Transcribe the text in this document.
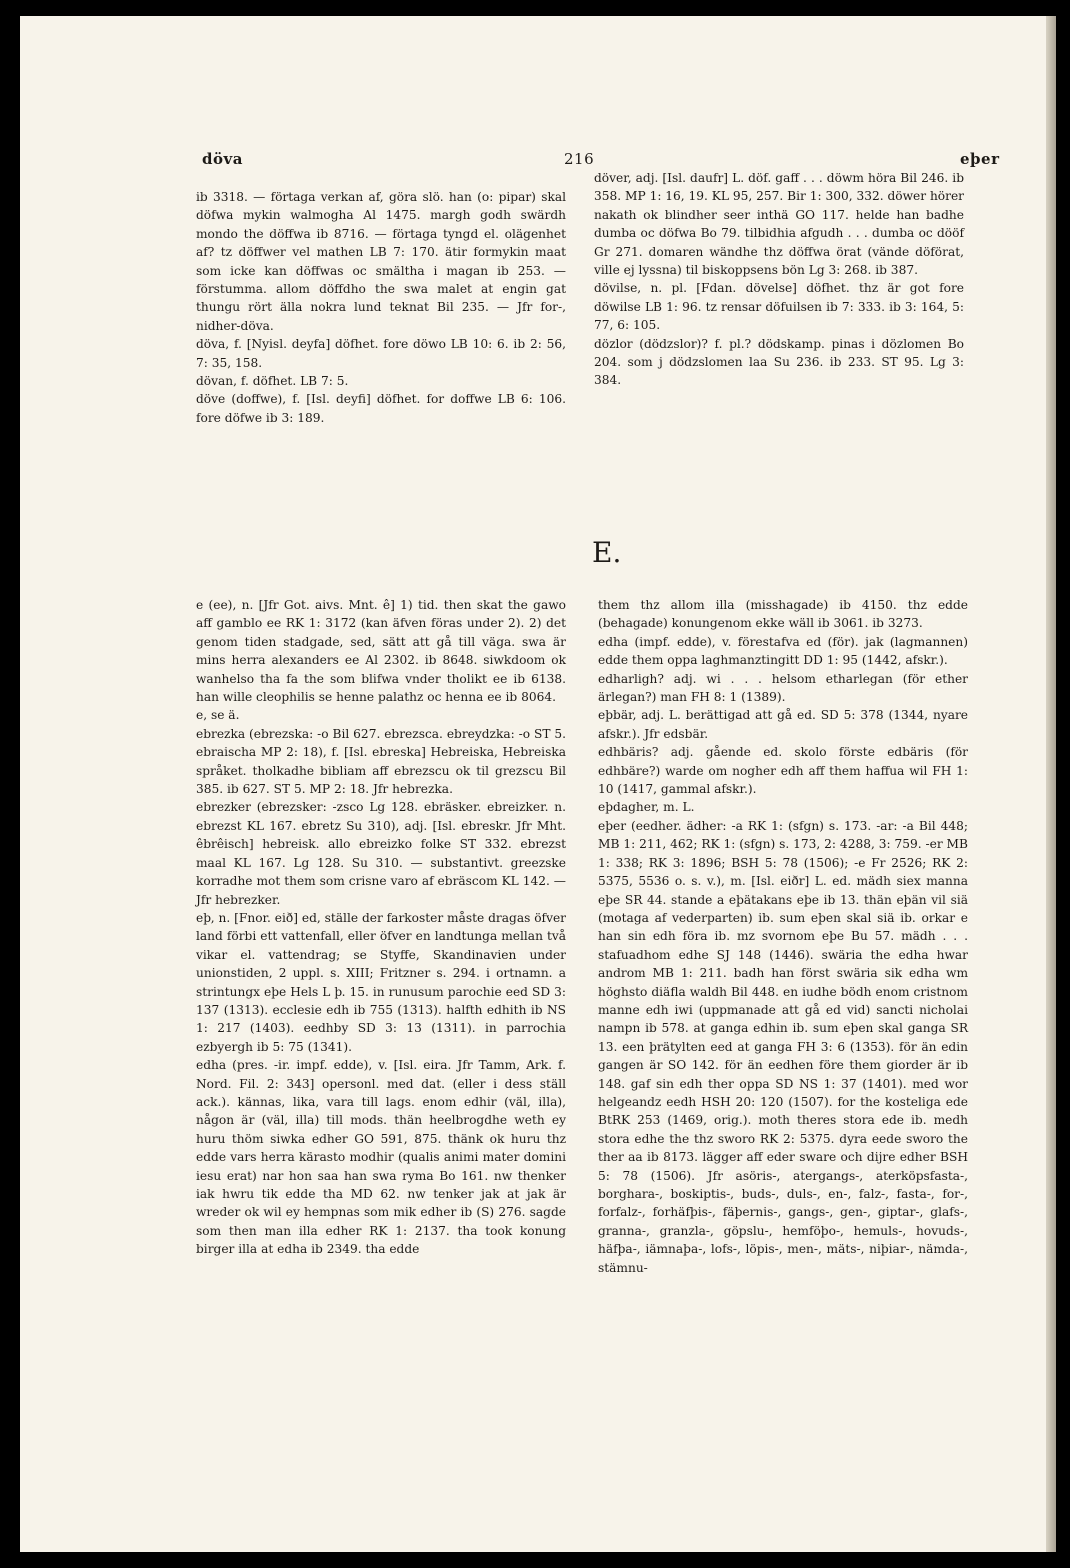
döva	216	eþer

ib 3318. — förtaga verkan af, göra slö. han (o: pipar) skal döfwa mykin walmogha Al 1475. margh godh swärdh mondo the döffwa ib 8716. — förtaga tyngd el. olägenhet af? tz döffwer vel mathen LB 7: 170. ätir formykin maat som icke kan döffwas oc smältha i magan ib 253. — förstumma. allom döffdho the swa malet at engin gat thungu rört älla nokra lund teknat Bil 235. — Jfr for-, nidher-döva.

döva, f. [Nyisl. deyfa] döfhet. fore döwo LB 10: 6. ib 2: 56, 7: 35, 158.

dövan, f. döfhet. LB 7: 5.

döve (doffwe), f. [Isl. deyfi] döfhet. for doffwe LB 6: 106. fore döfwe ib 3: 189.

döver, adj. [Isl. daufr] L. döf. gaff . . . döwm höra Bil 246. ib 358. MP 1: 16, 19. KL 95, 257. Bir 1: 300, 332. döwer hörer nakath ok blindher seer inthä GO 117. helde han badhe dumba oc döfwa Bo 79. tilbidhia afgudh . . . dumba oc dööf Gr 271. domaren wändhe thz döffwa örat (vände döförat, ville ej lyssna) til biskoppsens bön Lg 3: 268. ib 387.

dövilse, n. pl. [Fdan. dövelse] döfhet. thz är got fore döwilse LB 1: 96. tz rensar döfuilsen ib 7: 333. ib 3: 164, 5: 77, 6: 105.

dözlor (dödzslor)? f. pl.? dödskamp. pinas i dözlomen Bo 204. som j dödzslomen laa Su 236. ib 233. ST 95. Lg 3: 384.

E.

e (ee), n. [Jfr Got. aivs. Mnt. ê] 1) tid. then skat the gawo aff gamblo ee RK 1: 3172 (kan äfven föras under 2). 2) det genom tiden stadgade, sed, sätt att gå till väga. swa är mins herra alexanders ee Al 2302. ib 8648. siwkdoom ok wanhelso tha fa the som blifwa vnder tholikt ee ib 6138. han wille cleophilis se henne palathz oc henna ee ib 8064.

e, se ä.

ebrezka (ebrezska: -o Bil 627. ebrezsca. ebreydzka: -o ST 5. ebraischa MP 2: 18), f. [Isl. ebreska] Hebreiska, Hebreiska språket. tholkadhe bibliam aff ebrezscu ok til grezscu Bil 385. ib 627. ST 5. MP 2: 18. Jfr hebrezka.

ebrezker (ebrezsker: -zsco Lg 128. ebräsker. ebreizker. n. ebrezst KL 167. ebretz Su 310), adj. [Isl. ebreskr. Jfr Mht. êbrêisch] hebreisk. allo ebreizko folke ST 332. ebrezst maal KL 167. Lg 128. Su 310. — substantivt. greezske korradhe mot them som crisne varo af ebräscom KL 142. — Jfr hebrezker.

eþ, n. [Fnor. eið] ed, ställe der farkoster måste dragas öfver land förbi ett vattenfall, eller öfver en landtunga mellan två vikar el. vattendrag; se Styffe, Skandinavien under unionstiden, 2 uppl. s. XIII; Fritzner s. 294. i ortnamn. a strintungx eþe Hels L þ. 15. in runusum parochie eed SD 3: 137 (1313). ecclesie edh ib 755 (1313). halfth edhith ib NS 1: 217 (1403). eedhby SD 3: 13 (1311). in parrochia ezbyergh ib 5: 75 (1341).

edha (pres. -ir. impf. edde), v. [Isl. eira. Jfr Tamm, Ark. f. Nord. Fil. 2: 343] opersonl. med dat. (eller i dess ställ ack.). kännas, lika, vara till lags. enom edhir (väl, illa), någon är (väl, illa) till mods. thän heelbrogdhe weth ey huru thöm siwka edher GO 591, 875. thänk ok huru thz edde vars herra kärasto modhir (qualis animi mater domini iesu erat) nar hon saa han swa ryma Bo 161. nw thenker iak hwru tik edde tha MD 62. nw tenker jak at jak är wreder ok wil ey hempnas som mik edher ib (S) 276. sagde som then man illa edher RK 1: 2137. tha took konung birger illa at edha ib 2349. tha edde

them thz allom illa (misshagade) ib 4150. thz edde (behagade) konungenom ekke wäll ib 3061. ib 3273.

edha (impf. edde), v. förestafva ed (för). jak (lagmannen) edde them oppa laghmanztingitt DD 1: 95 (1442, afskr.).

edharligh? adj. wi . . . helsom etharlegan (för ether ärlegan?) man FH 8: 1 (1389).

eþbär, adj. L. berättigad att gå ed. SD 5: 378 (1344, nyare afskr.). Jfr edsbär.

edhbäris? adj. gående ed. skolo förste edbäris (för edhbäre?) warde om nogher edh aff them haffua wil FH 1: 10 (1417, gammal afskr.).

eþdagher, m. L.

eþer (eedher. ädher: -a RK 1: (sfgn) s. 173. -ar: -a Bil 448; MB 1: 211, 462; RK 1: (sfgn) s. 173, 2: 4288, 3: 759. -er MB 1: 338; RK 3: 1896; BSH 5: 78 (1506); -e Fr 2526; RK 2: 5375, 5536 o. s. v.), m. [Isl. eiðr] L. ed. mädh siex manna eþe SR 44. stande a eþätakans eþe ib 13. thän eþän vil siä (motaga af vederparten) ib. sum eþen skal siä ib. orkar e han sin edh föra ib. mz svornom eþe Bu 57. mädh . . . stafuadhom edhe SJ 148 (1446). swäria the edha hwar androm MB 1: 211. badh han först swäria sik edha wm höghsto diäfla waldh Bil 448. en iudhe bödh enom cristnom manne edh iwi (uppmanade att gå ed vid) sancti nicholai nampn ib 578. at ganga edhin ib. sum eþen skal ganga SR 13. een þrätylten eed at ganga FH 3: 6 (1353). för än edin gangen är SO 142. för än eedhen före them giorder är ib 148. gaf sin edh ther oppa SD NS 1: 37 (1401). med wor helgeandz eedh HSH 20: 120 (1507). for the kosteliga ede BtRK 253 (1469, orig.). moth theres stora ede ib. medh stora edhe the thz sworo RK 2: 5375. dyra eede sworo the ther aa ib 8173. lägger aff eder sware och dijre edher BSH 5: 78 (1506). Jfr asöris-, atergangs-, aterköpsfasta-, borghara-, boskiptis-, buds-, duls-, en-, falz-, fasta-, for-, forfalz-, forhäfþis-, fäþernis-, gangs-, gen-, giptar-, glafs-, granna-, granzla-, göpslu-, hemföþo-, hemuls-, hovuds-, häfþa-, iämnaþa-, lofs-, löpis-, men-, mäts-, niþiar-, nämda-, stämnu-
